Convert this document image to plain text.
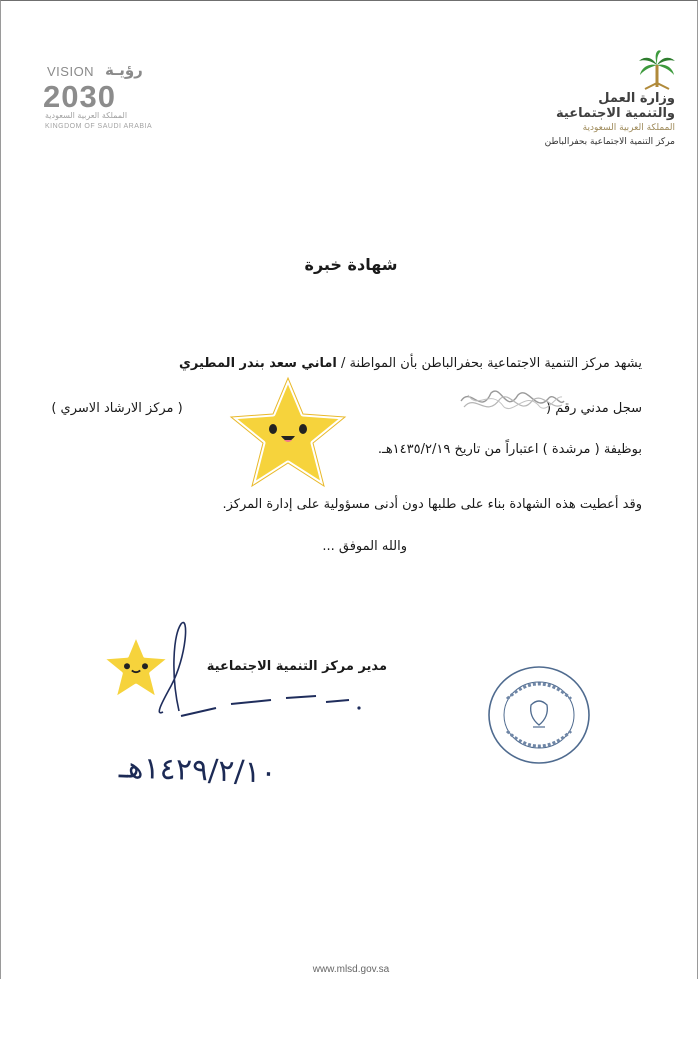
VISION رؤيـة
2030
المملكة العربية السعودية
KINGDOM OF SAUDI ARABIA
وزارة العمل
والتنمية الاجتماعية
المملكة العربية السعودية
مركز التنمية الاجتماعية بحفرالباطن
شهادة خبرة
يشهد مركز التنمية الاجتماعية بحفرالباطن بأن المواطنة / اماني سعد بندر المطيري
سجل مدني رقم (  ( مركز الارشاد الاسري )
بوظيفة ( مرشدة ) اعتباراً من تاريخ ١٤٣٥/٢/١٩هـ.
وقد أعطيت هذه الشهادة بناء على طلبها دون أدنى مسؤولية على إدارة المركز.
والله الموفق ...
مدير مركز التنمية الاجتماعية
١٤٢٩/٢/١٠هـ
www.mlsd.gov.sa
